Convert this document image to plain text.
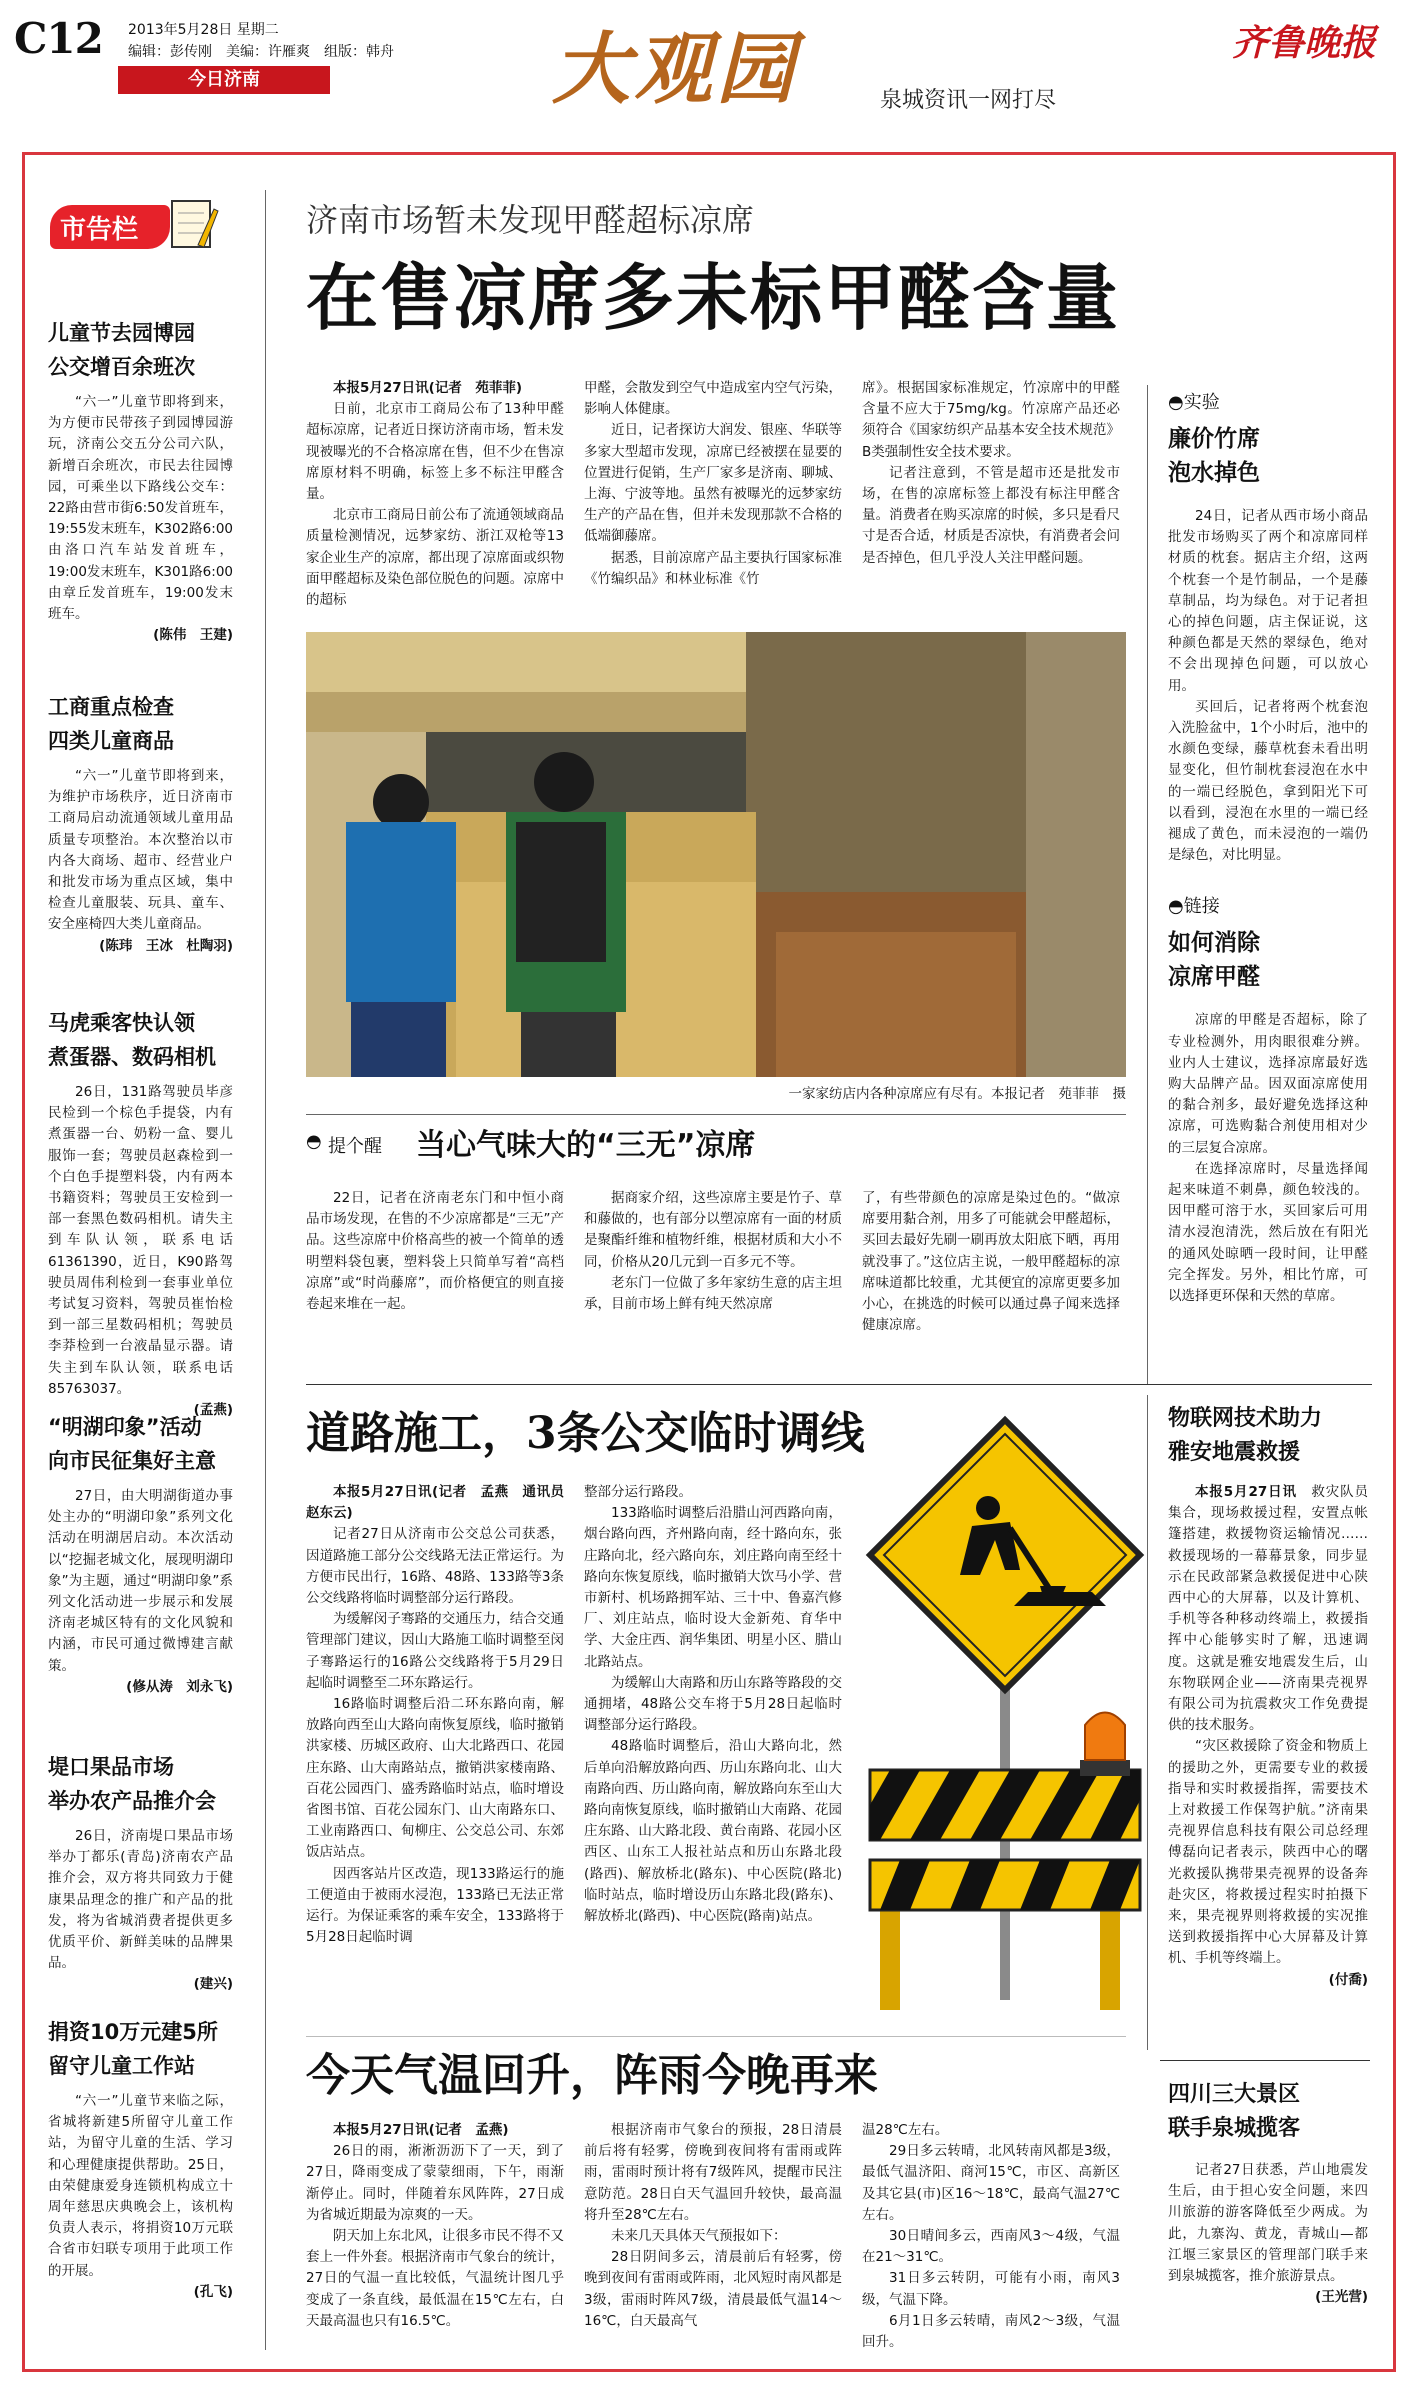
C12 2013年5月28日 星期二
编辑：彭传刚　美编：许雁爽　组版：韩舟
今日济南	大观园	泉城资讯一网打尽
齐鲁晚报
市告栏
儿童节去园博园
公交增百余班次

“六一”儿童节即将到来，为方便市民带孩子到园博园游玩，济南公交五分公司六队，新增百余班次，市民去往园博园，可乘坐以下路线公交车：22路由营市街6:50发首班车，19:55发末班车，K302路6:00由洛口汽车站发首班车，19:00发末班车，K301路6:00由章丘发首班车，19:00发末班车。

(陈伟　王建)
工商重点检查
四类儿童商品

“六一”儿童节即将到来，为维护市场秩序，近日济南市工商局启动流通领域儿童用品质量专项整治。本次整治以市内各大商场、超市、经营业户和批发市场为重点区域，集中检查儿童服装、玩具、童车、安全座椅四大类儿童商品。

(陈玮　王冰　杜陶羽)
马虎乘客快认领
煮蛋器、数码相机

26日，131路驾驶员毕彦民检到一个棕色手提袋，内有煮蛋器一台、奶粉一盒、婴儿服饰一套；驾驶员赵森检到一个白色手提塑料袋，内有两本书籍资料；驾驶员王安检到一部一套黑色数码相机。请失主到车队认领，联系电话61361390，近日，K90路驾驶员周伟利检到一套事业单位考试复习资料，驾驶员崔怡检到一部三星数码相机；驾驶员李莽检到一台液晶显示器。请失主到车队认领，联系电话85763037。

(孟燕)
“明湖印象”活动
向市民征集好主意

27日，由大明湖街道办事处主办的“明湖印象”系列文化活动在明湖居启动。本次活动以“挖掘老城文化，展现明湖印象”为主题，通过“明湖印象”系列文化活动进一步展示和发展济南老城区特有的文化风貌和内涵，市民可通过微博建言献策。

(修从涛　刘永飞)
堤口果品市场
举办农产品推介会

26日，济南堤口果品市场举办丁都乐(青岛)济南农产品推介会，双方将共同致力于健康果品理念的推广和产品的批发，将为省城消费者提供更多优质平价、新鲜美味的品牌果品。

(建兴)
捐资10万元建5所
留守儿童工作站

“六一”儿童节来临之际，省城将新建5所留守儿童工作站，为留守儿童的生活、学习和心理健康提供帮助。25日，由荣健康爱身连锁机构成立十周年慈思庆典晚会上，该机构负责人表示，将捐资10万元联合省市妇联专项用于此项工作的开展。

(孔飞)
济南市场暂未发现甲醛超标凉席
在售凉席多未标甲醛含量

本报5月27日讯(记者　苑菲菲)

日前，北京市工商局公布了13种甲醛超标凉席，记者近日探访济南市场，暂未发现被曝光的不合格凉席在售，但不少在售凉席原材料不明确，标签上多不标注甲醛含量。

北京市工商局日前公布了流通领域商品质量检测情况，远梦家纺、浙江双枪等13家企业生产的凉席，都出现了凉席面或织物面甲醛超标及染色部位脱色的问题。凉席中的超标

甲醛，会散发到空气中造成室内空气污染，影响人体健康。

近日，记者探访大润发、银座、华联等多家大型超市发现，凉席已经被摆在显要的位置进行促销，生产厂家多是济南、聊城、上海、宁波等地。虽然有被曝光的远梦家纺生产的产品在售，但并未发现那款不合格的低端御藤席。

据悉，目前凉席产品主要执行国家标准《竹编织品》和林业标准《竹

席》。根据国家标准规定，竹凉席中的甲醛含量不应大于75mg/kg。竹凉席产品还必须符合《国家纺织产品基本安全技术规范》B类强制性安全技术要求。

记者注意到，不管是超市还是批发市场，在售的凉席标签上都没有标注甲醛含量。消费者在购买凉席的时候，多只是看尺寸是否合适，材质是否凉快，有消费者会问是否掉色，但几乎没人关注甲醛问题。

一家家纺店内各种凉席应有尽有。本报记者　苑菲菲　摄
◓ 提个醒 当心气味大的“三无”凉席

22日，记者在济南老东门和中恒小商品市场发现，在售的不少凉席都是“三无”产品。这些凉席中价格高些的被一个简单的透明塑料袋包裹，塑料袋上只简单写着“高档凉席”或“时尚藤席”，而价格便宜的则直接卷起来堆在一起。

据商家介绍，这些凉席主要是竹子、草和藤做的，也有部分以塑凉席有一面的材质是聚酯纤维和植物纤维，根据材质和大小不同，价格从20几元到一百多元不等。

老东门一位做了多年家纺生意的店主坦承，目前市场上鲜有纯天然凉席

了，有些带颜色的凉席是染过色的。“做凉席要用黏合剂，用多了可能就会甲醛超标，买回去最好先刷一刷再放太阳底下晒，再用就没事了。”这位店主说，一般甲醛超标的凉席味道都比较重，尤其便宜的凉席更要多加小心，在挑选的时候可以通过鼻子闻来选择健康凉席。

◓实验
廉价竹席
泡水掉色

24日，记者从西市场小商品批发市场购买了两个和凉席同样材质的枕套。据店主介绍，这两个枕套一个是竹制品，一个是藤草制品，均为绿色。对于记者担心的掉色问题，店主保证说，这种颜色都是天然的翠绿色，绝对不会出现掉色问题，可以放心用。

买回后，记者将两个枕套泡入洗脸盆中，1个小时后，池中的水颜色变绿，藤草枕套未看出明显变化，但竹制枕套浸泡在水中的一端已经脱色，拿到阳光下可以看到，浸泡在水里的一端已经褪成了黄色，而未浸泡的一端仍是绿色，对比明显。

◓链接
如何消除
凉席甲醛

凉席的甲醛是否超标，除了专业检测外，用肉眼很难分辨。业内人士建议，选择凉席最好选购大品牌产品。因双面凉席使用的黏合剂多，最好避免选择这种凉席，可选购黏合剂使用相对少的三层复合凉席。

在选择凉席时，尽量选择闻起来味道不刺鼻，颜色较浅的。因甲醛可溶于水，买回家后可用清水浸泡清洗，然后放在有阳光的通风处晾晒一段时间，让甲醛完全挥发。另外，相比竹席，可以选择更环保和天然的草席。

道路施工，3条公交临时调线

本报5月27日讯(记者　孟燕　通讯员　赵东云)

记者27日从济南市公交总公司获悉，因道路施工部分公交线路无法正常运行。为方便市民出行，16路、48路、133路等3条公交线路将临时调整部分运行路段。

为缓解闵子骞路的交通压力，结合交通管理部门建议，因山大路施工临时调整至闵子骞路运行的16路公交线路将于5月29日起临时调整至二环东路运行。

16路临时调整后沿二环东路向南，解放路向西至山大路向南恢复原线，临时撤销洪家楼、历城区政府、山大北路西口、花园庄东路、山大南路站点，撤销洪家楼南路、百花公园西门、盛秀路临时站点，临时增设省图书馆、百花公园东门、山大南路东口、工业南路西口、甸柳庄、公交总公司、东郊饭店站点。

因西客站片区改造，现133路运行的施工便道由于被雨水浸泡，133路已无法正常运行。为保证乘客的乘车安全，133路将于5月28日起临时调

整部分运行路段。

133路临时调整后沿腊山河西路向南，烟台路向西，齐州路向南，经十路向东，张庄路向北，经六路向东，刘庄路向南至经十路向东恢复原线，临时撤销大饮马小学、营市新村、机场路拥军站、三十中、鲁嘉汽修厂、刘庄站点，临时设大金新苑、育华中学、大金庄西、润华集团、明星小区、腊山北路站点。

为缓解山大南路和历山东路等路段的交通拥堵，48路公交车将于5月28日起临时调整部分运行路段。

48路临时调整后，沿山大路向北，然后单向沿解放路向西、历山东路向北、山大南路向西、历山路向南，解放路向东至山大路向南恢复原线，临时撤销山大南路、花园庄东路、山大路北段、黄台南路、花园小区西区、山东工人报社站点和历山东路北段(路西)、解放桥北(路东)、中心医院(路北)临时站点，临时增设历山东路北段(路东)、解放桥北(路西)、中心医院(路南)站点。

物联网技术助力
雅安地震救援

本报5月27日讯　 救灾队员集合，现场救援过程，安置点帐篷搭建，救援物资运输情况……救援现场的一幕幕景象，同步显示在民政部紧急救援促进中心陕西中心的大屏幕，以及计算机、手机等各种移动终端上，救援指挥中心能够实时了解，迅速调度。这就是雅安地震发生后，山东物联网企业——济南果壳视界有限公司为抗震救灾工作免费提供的技术服务。

“灾区救援除了资金和物质上的援助之外，更需要专业的救援指导和实时救援指挥，需要技术上对救援工作保驾护航。”济南果壳视界信息科技有限公司总经理傅磊向记者表示，陕西中心的曙光救援队携带果壳视界的设备奔赴灾区，将救援过程实时拍摄下来，果壳视界则将救援的实况推送到救援指挥中心大屏幕及计算机、手机等终端上。

(付喬)
今天气温回升，阵雨今晚再来

本报5月27日讯(记者　孟燕)

26日的雨，淅淅沥沥下了一天，到了27日，降雨变成了蒙蒙细雨，下午，雨渐渐停止。同时，伴随着东风阵阵，27日成为省城近期最为凉爽的一天。

阴天加上东北风，让很多市民不得不又套上一件外套。根据济南市气象台的统计，27日的气温一直比较低，气温统计图几乎变成了一条直线，最低温在15℃左右，白天最高温也只有16.5℃。

根据济南市气象台的预报，28日清晨前后将有轻雾，傍晚到夜间将有雷雨或阵雨，雷雨时预计将有7级阵风，提醒市民注意防范。28日白天气温回升较快，最高温将升至28℃左右。

未来几天具体天气预报如下：

28日阴间多云，清晨前后有轻雾，傍晚到夜间有雷雨或阵雨，北风短时南风都是3级，雷雨时阵风7级，清晨最低气温14～16℃，白天最高气

温28℃左右。

29日多云转晴，北风转南风都是3级，最低气温济阳、商河15℃，市区、高新区及其它县(市)区16～18℃，最高气温27℃左右。

30日晴间多云，西南风3～4级，气温在21～31℃。

31日多云转阴，可能有小雨，南风3级，气温下降。

6月1日多云转晴，南风2～3级，气温回升。

四川三大景区
联手泉城揽客

记者27日获悉，芦山地震发生后，由于担心安全问题，来四川旅游的游客降低至少两成。为此，九寨沟、黄龙，青城山—都江堰三家景区的管理部门联手来到泉城揽客，推介旅游景点。

(王光营)
